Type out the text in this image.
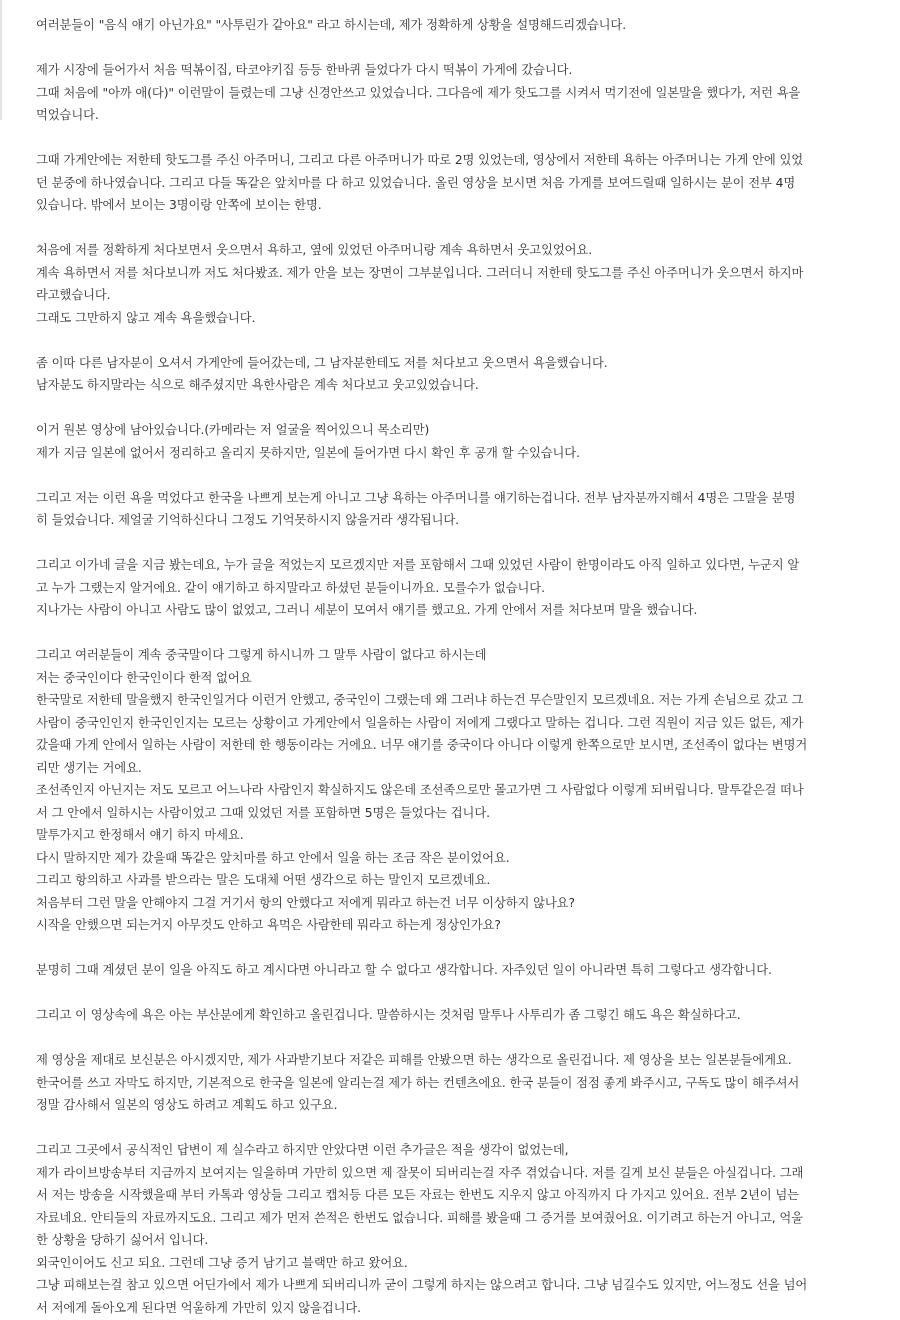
여러분들이 "음식 얘기 아닌가요" "사투린가 같아요" 라고 하시는데, 제가 정확하게 상황을 설명해드리겠습니다.
제가 시장에 들어가서 처음 떡볶이집, 타코야키집 등등 한바퀴 들었다가 다시 떡볶이 가게에 갔습니다.
그때 처음에 "아까 애(다)" 이런말이 들렸는데 그냥 신경안쓰고 있었습니다. 그다음에 제가 핫도그를 시켜서 먹기전에 일본말을 했다가, 저런 욕을
먹었습니다.
그때 가게안에는 저한테 핫도그를 주신 아주머니, 그리고 다른 아주머니가 따로 2명 있었는데, 영상에서 저한테 욕하는 아주머니는 가게 안에 있었
던 분중에 하나였습니다. 그리고 다들 똑같은 앞치마를 다 하고 있었습니다. 올린 영상을 보시면 처음 가게를 보여드릴때 일하시는 분이 전부 4명
있습니다. 밖에서 보이는 3명이랑 안쪽에 보이는 한명.
처음에 저를 정확하게 처다보면서 웃으면서 욕하고, 옆에 있었던 아주머니랑 계속 욕하면서 웃고있었어요.
계속 욕하면서 저를 처다보니까 저도 처다봤죠. 제가 안을 보는 장면이 그부분입니다. 그러더니 저한테 핫도그를 주신 아주머니가 웃으면서 하지마
라고했습니다.
그래도 그만하지 않고 계속 욕을했습니다.
좀 이따 다른 남자분이 오셔서 가게안에 들어갔는데, 그 남자분한테도 저를 처다보고 웃으면서 욕을했습니다.
남자분도 하지말라는 식으로 해주셨지만 욕한사람은 계속 처다보고 웃고있었습니다.
이거 원본 영상에 남아있습니다.(카메라는 저 얼굴을 찍어있으니 목소리만)
제가 지금 일본에 없어서 정리하고 올리지 못하지만, 일본에 들어가면 다시 확인 후 공개 할 수있습니다.
그리고 저는 이런 욕을 먹었다고 한국을 나쁘게 보는게 아니고 그냥 욕하는 아주머니를 얘기하는겁니다. 전부 남자분까지해서 4명은 그말을 분명
히 들었습니다. 제얼굴 기억하신다니 그정도 기억못하시지 않을거라 생각됩니다.
그리고 이가네 글을 지금 봤는데요, 누가 글을 적었는지 모르겠지만 저를 포함해서 그때 있었던 사람이 한명이라도 아직 일하고 있다면, 누군지 알
고 누가 그랬는지 알거에요. 같이 얘기하고 하지말라고 하셨던 분들이니까요. 모를수가 없습니다.
지나가는 사람이 아니고 사람도 많이 없었고, 그러니 세분이 모여서 얘기를 했고요. 가게 안에서 저를 처다보며 말을 했습니다.
그리고 여러분들이 계속 중국말이다 그렇게 하시니까 그 말투 사람이 없다고 하시는데
저는 중국인이다 한국인이다 한적 없어요
한국말로 저한테 말을했지 한국인일거다 이런거 안했고, 중국인이 그랬는데 왜 그러냐 하는건 무슨말인지 모르겠네요. 저는 가게 손님으로 갔고 그
사람이 중국인인지 한국인인지는 모르는 상황이고 가게안에서 일을하는 사람이 저에게 그랬다고 말하는 겁니다. 그런 직원이 지금 있든 없든, 제가
갔을때 가게 안에서 일하는 사람이 저한테 한 행동이라는 거에요. 너무 얘기를 중국이다 아니다 이렇게 한쪽으로만 보시면, 조선족이 없다는 변명거
리만 생기는 거에요.
조선족인지 아닌지는 저도 모르고 어느나라 사람인지 확실하지도 않은데 조선족으로만 몰고가면 그 사람없다 이렇게 되버립니다. 말투같은걸 떠나
서 그 안에서 일하시는 사람이었고 그때 있었던 저를 포함하면 5명은 들었다는 겁니다.
말투가지고 한정해서 얘기 하지 마세요.
다시 말하지만 제가 갔을때 똑같은 앞치마를 하고 안에서 일을 하는 조금 작은 분이었어요.
그리고 항의하고 사과를 받으라는 말은 도대체 어떤 생각으로 하는 말인지 모르겠네요.
처음부터 그런 말을 안해야지 그걸 거기서 항의 안했다고 저에게 뭐라고 하는건 너무 이상하지 않나요?
시작을 안했으면 되는거지 아무것도 안하고 욕먹은 사람한테 뭐라고 하는게 정상인가요?
분명히 그때 계셨던 분이 일을 아직도 하고 계시다면 아니라고 할 수 없다고 생각합니다. 자주있던 일이 아니라면 특히 그렇다고 생각합니다.
그리고 이 영상속에 욕은 아는 부산분에게 확인하고 올린겁니다. 말씀하시는 것처럼 말투나 사투리가 좀 그렇긴 해도 욕은 확실하다고.
제 영상을 제대로 보신분은 아시겠지만, 제가 사과받기보다 저같은 피해를 안봤으면 하는 생각으로 올린겁니다. 제 영상을 보는 일본분들에게요.
한국어를 쓰고 자막도 하지만, 기본적으로 한국을 일본에 알리는걸 제가 하는 컨텐츠에요. 한국 분들이 점점 좋게 봐주시고, 구독도 많이 해주셔서
정말 감사해서 일본의 영상도 하려고 계획도 하고 있구요.
그리고 그곳에서 공식적인 답변이 제 실수라고 하지만 안았다면 이런 추가글은 적을 생각이 없었는데,
제가 라이브방송부터 지금까지 보여지는 일을하며 가만히 있으면 제 잘못이 되버리는걸 자주 겪었습니다. 저를 길게 보신 분들은 아실겁니다. 그래
서 저는 방송을 시작했을때 부터 카톡과 영상들 그리고 캡처등 다른 모든 자료는 한번도 지우지 않고 아직까지 다 가지고 있어요. 전부 2년이 넘는
자료네요. 안티들의 자료까지도요. 그리고 제가 먼저 쓴적은 한번도 없습니다. 피해를 봤을때 그 증거를 보여줬어요. 이기려고 하는거 아니고, 억울
한 상황을 당하기 싫어서 입니다.
외국인이어도 신고 되요. 그런데 그냥 증거 남기고 블랙만 하고 왔어요.
그냥 피해보는걸 참고 있으면 어딘가에서 제가 나쁘게 되버리니까 굳이 그렇게 하지는 않으려고 합니다. 그냥 넘길수도 있지만, 어느정도 선을 넘어
서 저에게 돌아오게 된다면 억울하게 가만히 있지 않을겁니다.
